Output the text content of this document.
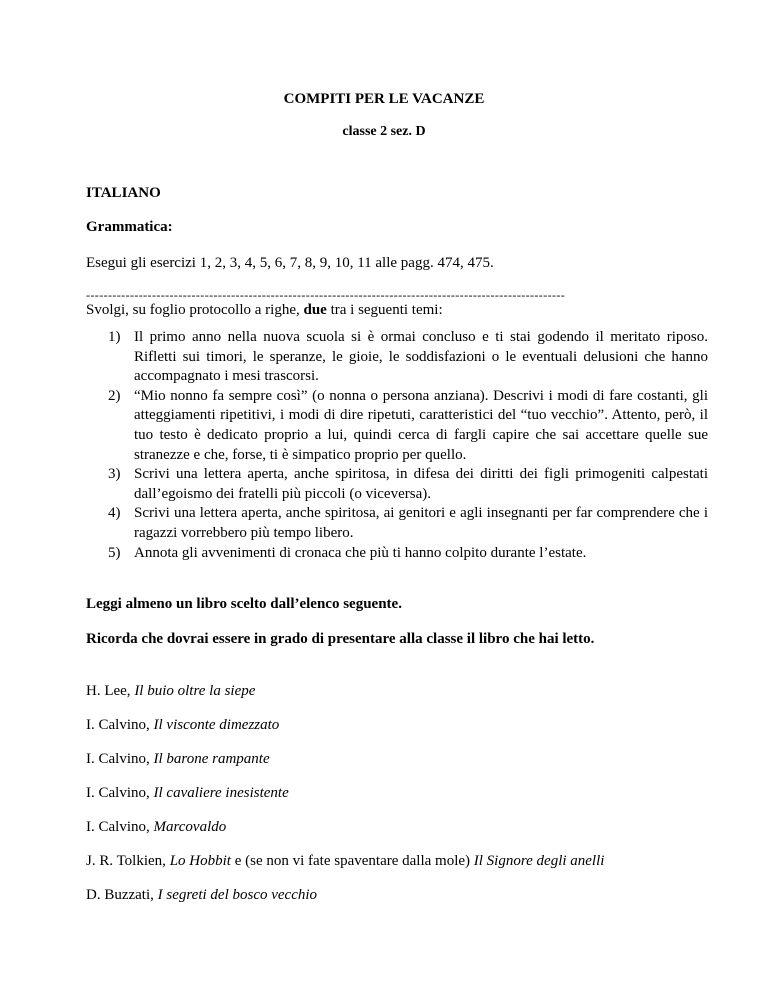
COMPITI PER LE VACANZE
classe 2 sez. D
ITALIANO
Grammatica:
Esegui gli esercizi 1, 2, 3, 4, 5, 6, 7, 8, 9, 10, 11 alle pagg. 474, 475.
-------------------------------------------------------------------------------------------------------------
Svolgi, su foglio protocollo a righe, due tra i seguenti temi:
1) Il primo anno nella nuova scuola si è ormai concluso e ti stai godendo il meritato riposo. Rifletti sui timori, le speranze, le gioie, le soddisfazioni o le eventuali delusioni che hanno accompagnato i mesi trascorsi.
2) “Mio nonno fa sempre così” (o nonna o persona anziana). Descrivi i modi di fare costanti, gli atteggiamenti ripetitivi, i modi di dire ripetuti, caratteristici del “tuo vecchio”. Attento, però, il tuo testo è dedicato proprio a lui, quindi cerca di fargli capire che sai accettare quelle sue stranezze e che, forse, ti è simpatico proprio per quello.
3) Scrivi una lettera aperta, anche spiritosa, in difesa dei diritti dei figli primogeniti calpestati dall’egoismo dei fratelli più piccoli (o viceversa).
4) Scrivi una lettera aperta, anche spiritosa, ai genitori e agli insegnanti per far comprendere che i ragazzi vorrebbero più tempo libero.
5) Annota gli avvenimenti di cronaca che più ti hanno colpito durante l’estate.
Leggi almeno un libro scelto dall’elenco seguente.
Ricorda che dovrai essere in grado di presentare alla classe il libro che hai letto.
H. Lee, Il buio oltre la siepe
I. Calvino, Il visconte dimezzato
I. Calvino, Il barone rampante
I. Calvino, Il cavaliere inesistente
I. Calvino, Marcovaldo
J. R. Tolkien, Lo Hobbit e (se non vi fate spaventare dalla mole) Il Signore degli anelli
D. Buzzati, I segreti del bosco vecchio
